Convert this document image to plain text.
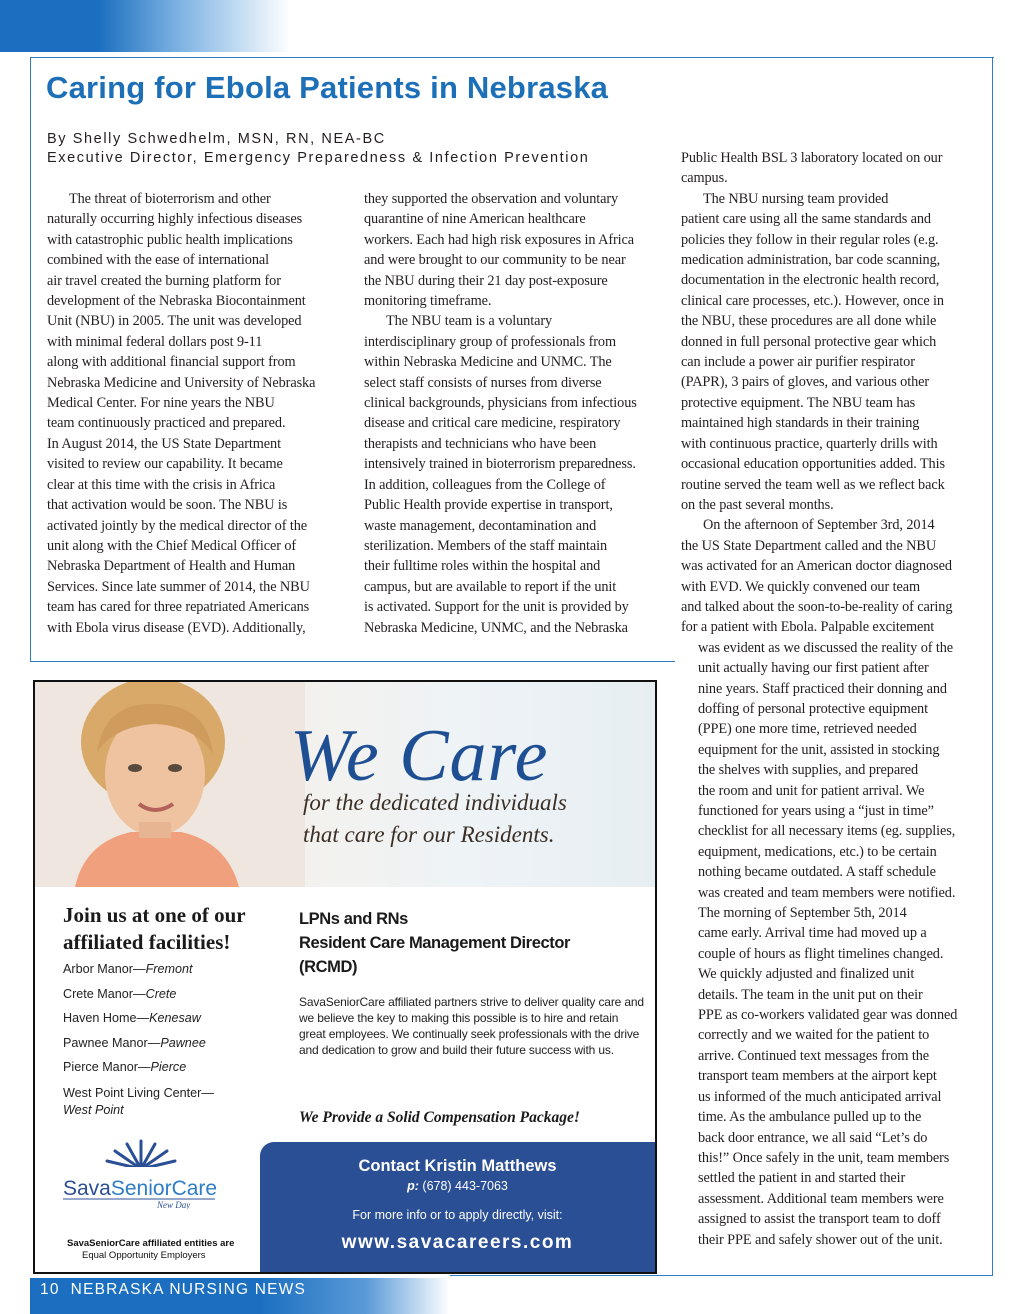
Caring for Ebola Patients in Nebraska
By Shelly Schwedhelm, MSN, RN, NEA-BC
Executive Director, Emergency Preparedness & Infection Prevention

The threat of bioterrorism and other

naturally occurring highly infectious diseases

with catastrophic public health implications

combined with the ease of international

air travel created the burning platform for

development of the Nebraska Biocontainment

Unit (NBU) in 2005. The unit was developed

with minimal federal dollars post 9-11

along with additional financial support from

Nebraska Medicine and University of Nebraska

Medical Center. For nine years the NBU

team continuously practiced and prepared.

In August 2014, the US State Department

visited to review our capability. It became

clear at this time with the crisis in Africa

that activation would be soon. The NBU is

activated jointly by the medical director of the

unit along with the Chief Medical Officer of

Nebraska Department of Health and Human

Services. Since late summer of 2014, the NBU

team has cared for three repatriated Americans

with Ebola virus disease (EVD). Additionally,

they supported the observation and voluntary

quarantine of nine American healthcare

workers. Each had high risk exposures in Africa

and were brought to our community to be near

the NBU during their 21 day post-exposure

monitoring timeframe.

The NBU team is a voluntary

interdisciplinary group of professionals from

within Nebraska Medicine and UNMC. The

select staff consists of nurses from diverse

clinical backgrounds, physicians from infectious

disease and critical care medicine, respiratory

therapists and technicians who have been

intensively trained in bioterrorism preparedness.

In addition, colleagues from the College of

Public Health provide expertise in transport,

waste management, decontamination and

sterilization. Members of the staff maintain

their fulltime roles within the hospital and

campus, but are available to report if the unit

is activated. Support for the unit is provided by

Nebraska Medicine, UNMC, and the Nebraska

Public Health BSL 3 laboratory located on our

campus.

The NBU nursing team provided

patient care using all the same standards and

policies they follow in their regular roles (e.g.

medication administration, bar code scanning,

documentation in the electronic health record,

clinical care processes, etc.). However, once in

the NBU, these procedures are all done while

donned in full personal protective gear which

can include a power air purifier respirator

(PAPR), 3 pairs of gloves, and various other

protective equipment. The NBU team has

maintained high standards in their training

with continuous practice, quarterly drills with

occasional education opportunities added. This

routine served the team well as we reflect back

on the past several months.

On the afternoon of September 3rd, 2014

the US State Department called and the NBU

was activated for an American doctor diagnosed

with EVD. We quickly convened our team

and talked about the soon-to-be-reality of caring

for a patient with Ebola. Palpable excitement

was evident as we discussed the reality of the

unit actually having our first patient after

nine years. Staff practiced their donning and

doffing of personal protective equipment

(PPE) one more time, retrieved needed

equipment for the unit, assisted in stocking

the shelves with supplies, and prepared

the room and unit for patient arrival. We

functioned for years using a “just in time”

checklist for all necessary items (eg. supplies,

equipment, medications, etc.) to be certain

nothing became outdated. A staff schedule

was created and team members were notified.

The morning of September 5th, 2014

came early. Arrival time had moved up a

couple of hours as flight timelines changed.

We quickly adjusted and finalized unit

details. The team in the unit put on their

PPE as co-workers validated gear was donned

correctly and we waited for the patient to

arrive. Continued text messages from the

transport team members at the airport kept

us informed of the much anticipated arrival

time. As the ambulance pulled up to the

back door entrance, we all said “Let’s do

this!” Once safely in the unit, team members

settled the patient in and started their

assessment. Additional team members were

assigned to assist the transport team to doff

their PPE and safely shower out of the unit.

We Care
for the dedicated individuals
that care for our Residents.
Join us at one of our affiliated facilities!
Arbor Manor—Fremont
Crete Manor—Crete
Haven Home—Kenesaw
Pawnee Manor—Pawnee
Pierce Manor—Pierce
West Point Living Center—
West Point
SavaSeniorCare
New Day
SavaSeniorCare affiliated entities are
Equal Opportunity Employers
LPNs and RNs
Resident Care Management Director
(RCMD)

SavaSeniorCare affiliated partners strive to deliver quality care and we believe the key to making this possible is to hire and retain great employees. We continually seek professionals with the drive and dedication to grow and build their future success with us.

We Provide a Solid Compensation Package!
Contact Kristin Matthews
p: (678) 443-7063
For more info or to apply directly, visit:
www.savacareers.com
10 NEBRASKA NURSING NEWS
